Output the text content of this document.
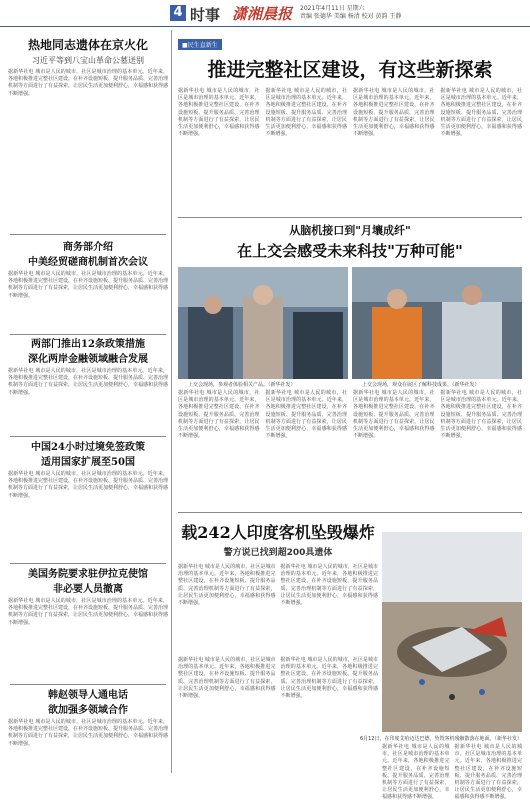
4 时事 潇湘晨报 2021年4月11日 星期六
责编 张德华 美编 杨清 校对 黄韵 王静
热地同志遗体在京火化
习近平等到八宝山革命公墓送别
据新华社电 城市是人民的城市，社区是城市治理的基本单元。近年来，各地积极推进完整社区建设，在补齐设施短板、提升服务品质、完善治理机制等方面进行了有益探索，让居民生活更加便利舒心，幸福感和获得感不断增强。
商务部介绍
中美经贸磋商机制首次会议
据新华社电 城市是人民的城市，社区是城市治理的基本单元。近年来，各地积极推进完整社区建设，在补齐设施短板、提升服务品质、完善治理机制等方面进行了有益探索，让居民生活更加便利舒心，幸福感和获得感不断增强。
两部门推出12条政策措施
深化两岸金融领域融合发展
据新华社电 城市是人民的城市，社区是城市治理的基本单元。近年来，各地积极推进完整社区建设，在补齐设施短板、提升服务品质、完善治理机制等方面进行了有益探索，让居民生活更加便利舒心，幸福感和获得感不断增强。
中国24小时过境免签政策
适用国家扩展至50国
据新华社电 城市是人民的城市，社区是城市治理的基本单元。近年来，各地积极推进完整社区建设，在补齐设施短板、提升服务品质、完善治理机制等方面进行了有益探索，让居民生活更加便利舒心，幸福感和获得感不断增强。
美国务院要求驻伊拉克使馆
非必要人员撤离
据新华社电 城市是人民的城市，社区是城市治理的基本单元。近年来，各地积极推进完整社区建设，在补齐设施短板、提升服务品质、完善治理机制等方面进行了有益探索，让居民生活更加便利舒心，幸福感和获得感不断增强。
韩赵领导人通电话
欲加强多领域合作
据新华社电 城市是人民的城市，社区是城市治理的基本单元。近年来，各地积极推进完整社区建设，在补齐设施短板、提升服务品质、完善治理机制等方面进行了有益探索，让居民生活更加便利舒心，幸福感和获得感不断增强。
■民生直新生
推进完整社区建设，有这些新探索
据新华社电 城市是人民的城市，社区是城市治理的基本单元。近年来，各地积极推进完整社区建设，在补齐设施短板、提升服务品质、完善治理机制等方面进行了有益探索，让居民生活更加便利舒心，幸福感和获得感不断增强。
据新华社电 城市是人民的城市，社区是城市治理的基本单元。近年来，各地积极推进完整社区建设，在补齐设施短板、提升服务品质、完善治理机制等方面进行了有益探索，让居民生活更加便利舒心，幸福感和获得感不断增强。
据新华社电 城市是人民的城市，社区是城市治理的基本单元。近年来，各地积极推进完整社区建设，在补齐设施短板、提升服务品质、完善治理机制等方面进行了有益探索，让居民生活更加便利舒心，幸福感和获得感不断增强。
据新华社电 城市是人民的城市，社区是城市治理的基本单元。近年来，各地积极推进完整社区建设，在补齐设施短板、提升服务品质、完善治理机制等方面进行了有益探索，让居民生活更加便利舒心，幸福感和获得感不断增强。
从脑机接口到"月壤成纤"
在上交会感受未来科技"万种可能"
上交会现场，参观者体验相关产品。（新华社发）	上交会现场，观众在展区了解科技成果。（新华社发）
据新华社电 城市是人民的城市，社区是城市治理的基本单元。近年来，各地积极推进完整社区建设，在补齐设施短板、提升服务品质、完善治理机制等方面进行了有益探索，让居民生活更加便利舒心，幸福感和获得感不断增强。
据新华社电 城市是人民的城市，社区是城市治理的基本单元。近年来，各地积极推进完整社区建设，在补齐设施短板、提升服务品质、完善治理机制等方面进行了有益探索，让居民生活更加便利舒心，幸福感和获得感不断增强。
据新华社电 城市是人民的城市，社区是城市治理的基本单元。近年来，各地积极推进完整社区建设，在补齐设施短板、提升服务品质、完善治理机制等方面进行了有益探索，让居民生活更加便利舒心，幸福感和获得感不断增强。
据新华社电 城市是人民的城市，社区是城市治理的基本单元。近年来，各地积极推进完整社区建设，在补齐设施短板、提升服务品质、完善治理机制等方面进行了有益探索，让居民生活更加便利舒心，幸福感和获得感不断增强。
载242人印度客机坠毁爆炸
警方说已找到超200具遗体
据新华社电 城市是人民的城市，社区是城市治理的基本单元。近年来，各地积极推进完整社区建设，在补齐设施短板、提升服务品质、完善治理机制等方面进行了有益探索，让居民生活更加便利舒心，幸福感和获得感不断增强。
据新华社电 城市是人民的城市，社区是城市治理的基本单元。近年来，各地积极推进完整社区建设，在补齐设施短板、提升服务品质、完善治理机制等方面进行了有益探索，让居民生活更加便利舒心，幸福感和获得感不断增强。
6月12日，在印度艾哈迈达巴德，坠毁客机残骸散落在地面。（新华社发）
据新华社电 城市是人民的城市，社区是城市治理的基本单元。近年来，各地积极推进完整社区建设，在补齐设施短板、提升服务品质、完善治理机制等方面进行了有益探索，让居民生活更加便利舒心，幸福感和获得感不断增强。
据新华社电 城市是人民的城市，社区是城市治理的基本单元。近年来，各地积极推进完整社区建设，在补齐设施短板、提升服务品质、完善治理机制等方面进行了有益探索，让居民生活更加便利舒心，幸福感和获得感不断增强。
据新华社电 城市是人民的城市，社区是城市治理的基本单元。近年来，各地积极推进完整社区建设，在补齐设施短板、提升服务品质、完善治理机制等方面进行了有益探索，让居民生活更加便利舒心，幸福感和获得感不断增强。
据新华社电 城市是人民的城市，社区是城市治理的基本单元。近年来，各地积极推进完整社区建设，在补齐设施短板、提升服务品质、完善治理机制等方面进行了有益探索，让居民生活更加便利舒心，幸福感和获得感不断增强。
